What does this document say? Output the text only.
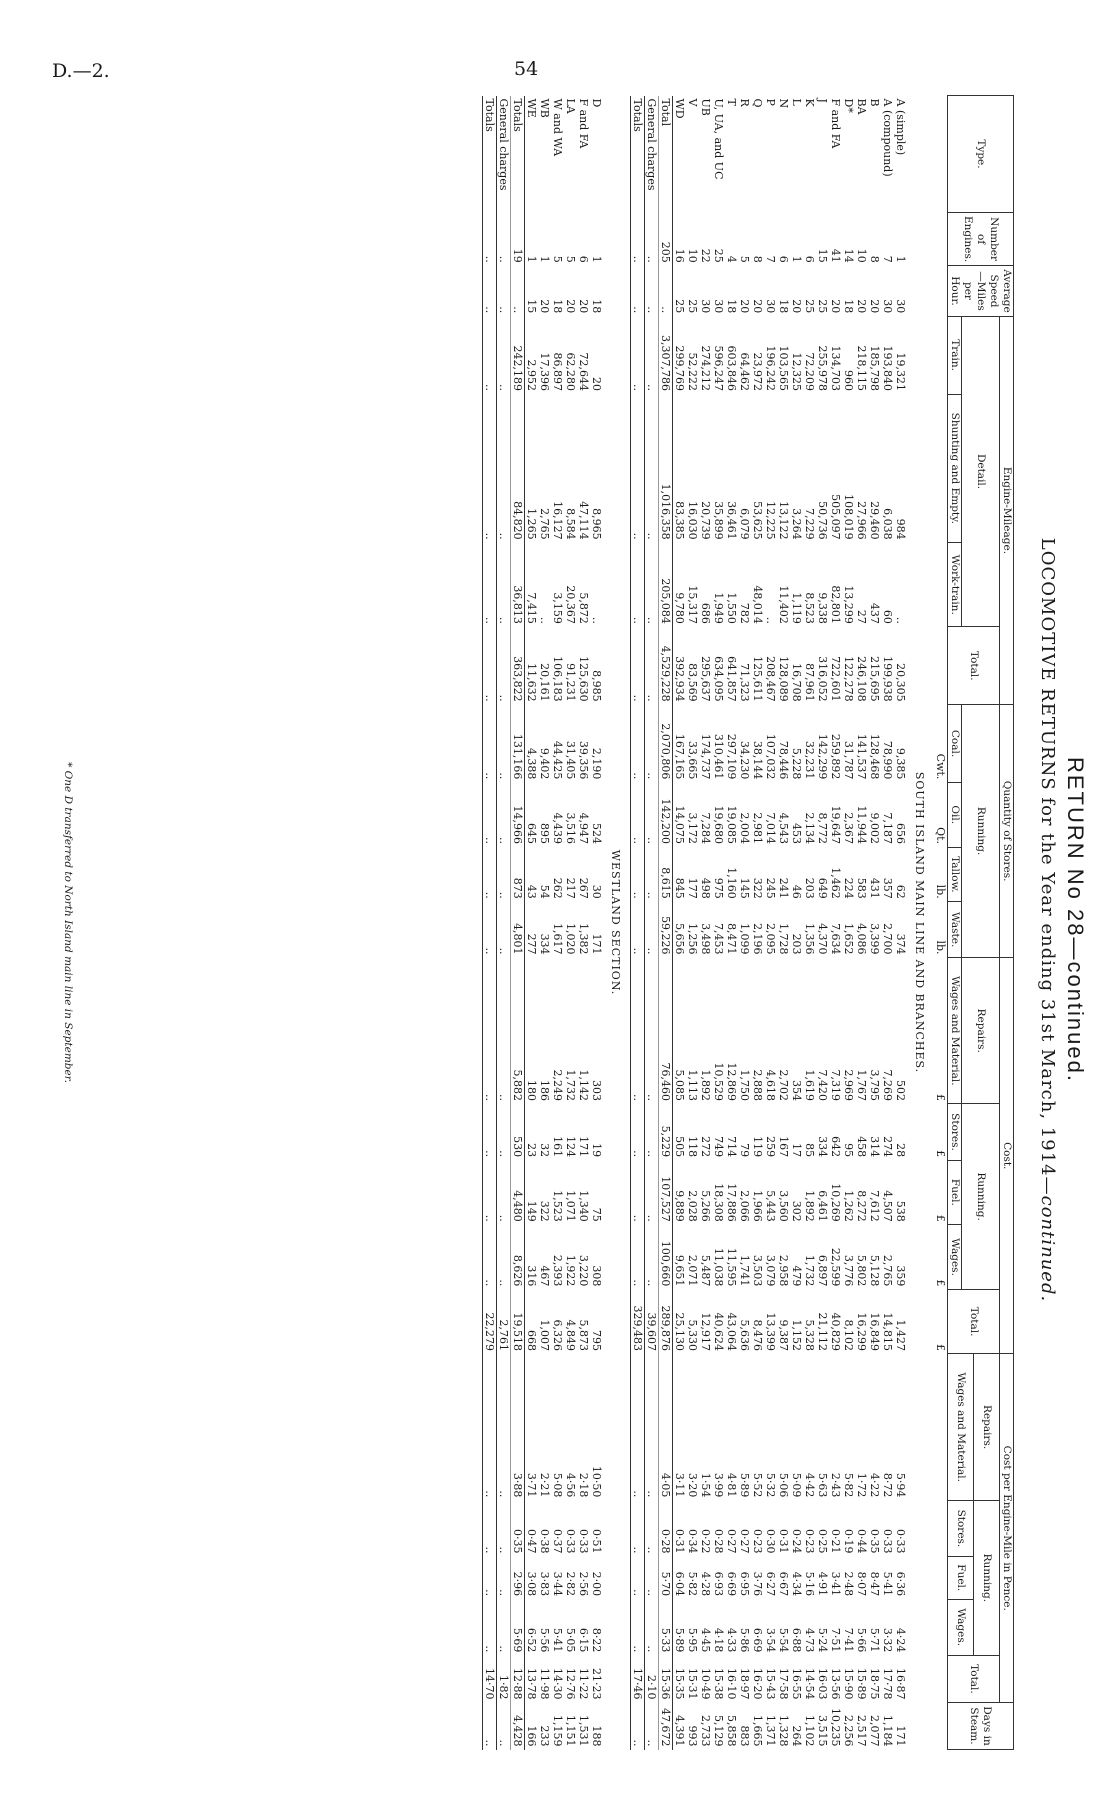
D.—2.	54
RETURN No 28—continued.
LOCOMOTIVE RETURNS for the Year ending 31st March, 1914—continued.
Type.	Number of Engines.	Average Speed—Miles per Hour.	Engine-Mileage.				Quantity of Stores.				Cost.					Cost per Engine-Mile in Pence.					Days in Steam.
			Detail.			Total.	Running.				Repairs.	Running.			Total.	Repairs.	Running.			Total.	
																Wages and Material.	Stores.	Fuel.	Wages.		
			Train.	Shunting and Empty.	Work-train.		Coal.	Oil.	Tallow.	Waste.	Wages and Material.	Stores.	Fuel.	Wages.							
							Cwt.	Qt.	lb.	lb.	£	£	£	£	£						
SOUTH ISLAND MAIN LINE AND BRANCHES.																					
A (simple)	1	30	19,321	984	..	20,305	9,385	656	62	374	502	28	538	359	1,427	5·94	0·33	6·36	4·24	16·87	171
A (compound)	7	30	193,840	6,038	60	199,938	78,990	7,187	357	2,700	7,269	274	4,507	2,765	14,815	8·72	0·33	5·41	3·32	17·78	1,184
B	8	20	185,798	29,460	437	215,695	128,468	9,002	431	3,399	3,795	314	7,612	5,128	16,849	4·22	0·35	8·47	5·71	18·75	2,077
BA	10	20	218,115	27,966	27	246,108	141,537	11,944	583	4,086	1,767	458	8,272	5,802	16,299	1·72	0·44	8·07	5·66	15·89	2,517
D*	14	18	960	108,019	13,299	122,278	31,787	2,367	224	1,652	2,969	95	1,262	3,776	8,102	5·82	0·19	2·48	7·41	15·90	2,256
F and FA	41	20	134,703	505,097	82,801	722,601	259,892	19,647	1,462	7,634	7,319	642	10,269	22,599	40,829	2·43	0·21	3·41	7·51	13·56	10,235
J	15	25	255,978	50,736	9,338	316,052	142,299	8,772	649	4,370	7,420	334	6,461	6,897	21,112	5·63	0·25	4·91	5·24	16·03	3,515
K	6	25	72,209	7,229	8,523	87,961	32,231	2,134	203	1,356	1,619	85	1,892	1,732	5,328	4·42	0·23	5·16	4·73	14·54	1,102
L	1	20	12,325	3,264	1,119	16,708	5,228	453	46	203	354	17	302	479	1,152	5·09	0·24	4·34	6·88	16·55	264
N	6	18	103,565	13,122	11,402	128,089	78,446	4,543	241	1,728	2,702	167	3,560	2,958	9,387	5·06	0·31	6·67	5·54	17·58	1,328
P	7	30	196,242	12,225	..	208,467	107,032	7,014	245	2,095	4,618	259	5,443	3,079	13,399	5·32	0·30	6·27	3·54	15·43	1,371
Q	8	20	23,972	53,625	48,014	125,611	38,144	2,981	322	2,196	2,888	119	1,966	3,503	8,476	5·52	0·23	3·76	6·69	16·20	1,665
R	5	20	64,462	6,079	782	71,323	34,230	2,004	145	1,099	1,750	79	2,066	1,741	5,636	5·89	0·27	6·95	5·86	18·97	883
T	4	18	603,846	36,461	1,550	641,857	297,109	19,085	1,160	8,471	12,869	714	17,886	11,595	43,064	4·81	0·27	6·69	4·33	16·10	5,858
U, UA, and UC	25	30	596,247	35,899	1,949	634,095	310,461	19,680	975	7,453	10,529	749	18,308	11,038	40,624	3·99	0·28	6·93	4·18	15·38	5,129
UB	22	30	274,212	20,739	686	295,637	174,737	7,284	498	3,498	1,892	272	5,266	5,487	12,917	1·54	0·22	4·28	4·45	10·49	2,733
V	10	25	52,222	16,030	15,317	83,569	33,665	3,172	177	1,256	1,113	118	2,028	2,071	5,330	3·20	0·34	5·82	5·95	15·31	993
WD	16	25	299,769	83,385	9,780	392,934	167,165	14,075	845	5,656	5,085	505	9,889	9,651	25,130	3·11	0·31	6·04	5·89	15·35	4,391
Total	205	..	3,307,786	1,016,358	205,084	4,529,228	2,070,806	142,200	8,615	59,226	76,460	5,229	107,527	100,660	289,876	4·05	0·28	5·70	5·33	15·36	47,672
General charges	..	..	..	..	..	..	..	..	..	..	..	..	..	..	39,607	..	..	..	..	2·10	..
Totals	..	..	..	..	..	..	..	..	..	..	..	..	..	..	329,483	..	..	..	..	17·46	..
WESTLAND SECTION.																					
D	1	18	20	8,965	..	8,985	2,190	524	30	171	303	19	75	308	795	10·50	0·51	2·00	8·22	21·23	188
F and FA	6	20	72,644	47,114	5,872	125,630	39,356	4,947	267	1,382	1,142	171	1,340	3,220	5,873	2·18	0·33	2·56	6·15	11·22	1,531
LA	5	20	62,280	8,584	20,367	91,231	31,405	3,516	217	1,020	1,732	124	1,071	1,922	4,849	4·56	0·33	2·82	5·05	12·76	1,151
W and WA	5	18	86,897	16,127	3,159	106,183	44,425	4,439	262	1,617	2,249	161	1,523	2,393	6,326	5·08	0·37	3·44	5·41	14·30	1,159
WB	1	20	17,396	2,765	..	20,161	9,402	895	54	334	186	32	322	467	1,007	2·21	0·38	3·83	5·56	11·98	233
WE	1	15	2,952	1,265	7,415	11,632	4,388	645	43	277	180	23	149	316	668	3·71	0·47	3·08	6·52	13·78	166
Totals	19	..	242,189	84,820	36,813	363,822	131,166	14,966	873	4,801	5,882	530	4,480	8,626	19,518	3·88	0·35	2·96	5·69	12·88	4,428
General charges	..	..	..	..	..	..	..	..	..	..	..	..	..	..	2,761	..	..	..	..	1·82	..
Totals	..	..	..	..	..	..	..	..	..	..	..	..	..	..	22,279	..	..	..	..	14·70	..
* One D transferred to North Island main line in September.
